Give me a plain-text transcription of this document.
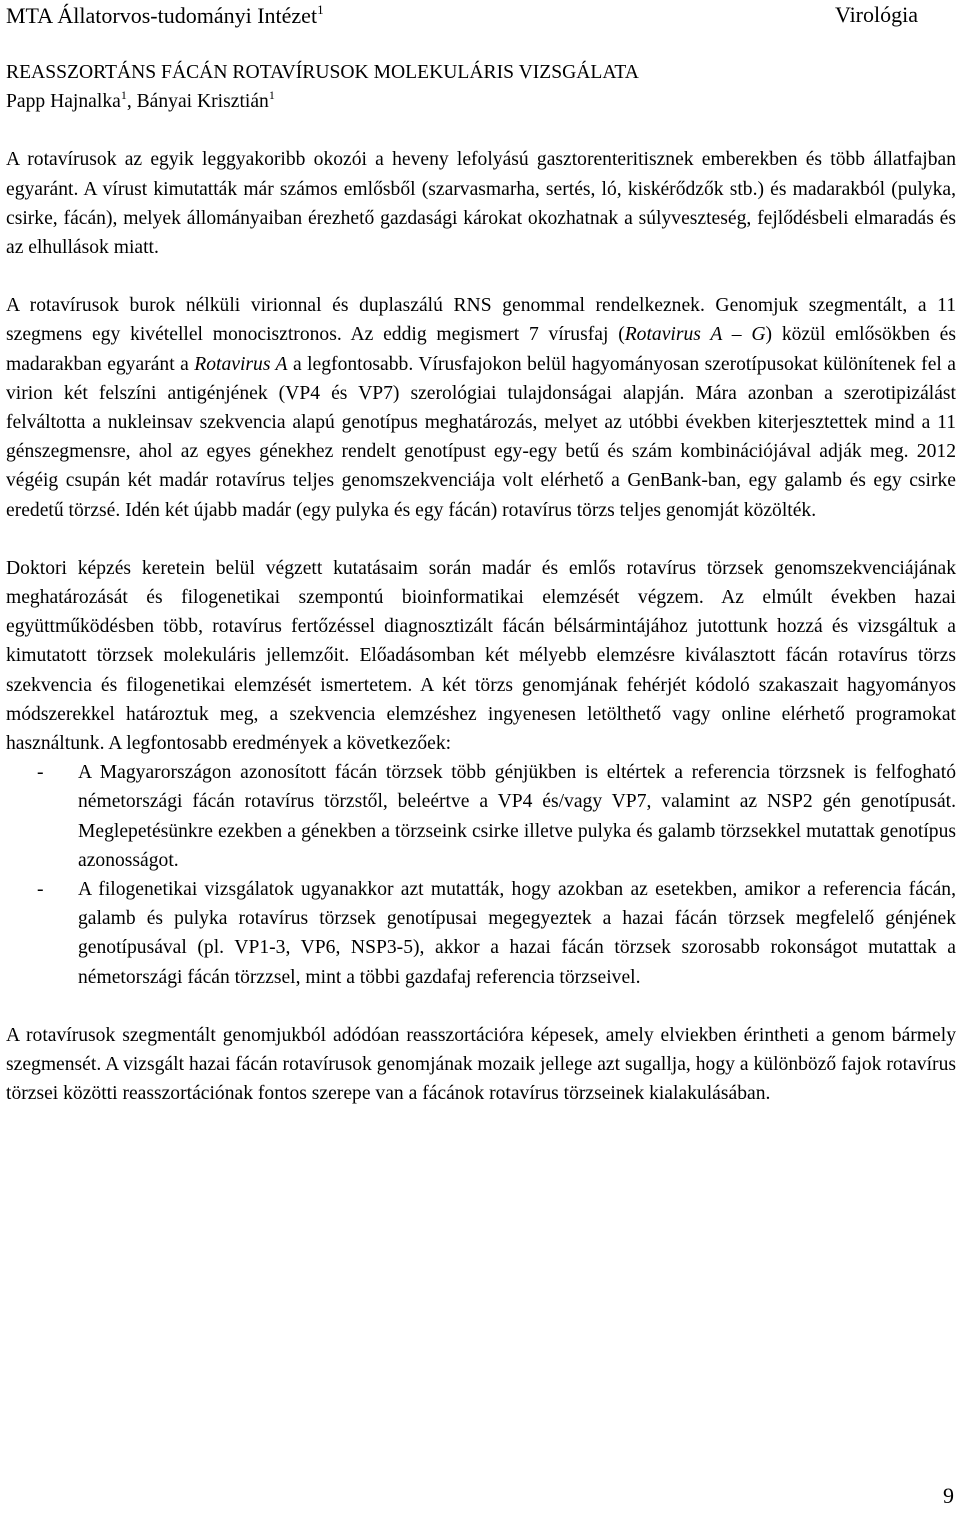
MTA Állatorvos-tudományi Intézet$^1$	Virológia
REASSZORTÁNS FÁCÁN ROTAVÍRUSOK MOLEKULÁRIS VIZSGÁLATA
Papp Hajnalka$^1$, Bányai Krisztián$^1$

A rotavírusok az egyik leggyakoribb okozói a heveny lefolyású gasztorenteritisznek emberekben és több állatfajban egyaránt. A vírust kimutatták már számos emlősből (szarvasmarha, sertés, ló, kiskérődzők stb.) és madarakból (pulyka, csirke, fácán), melyek állományaiban érezhető gazdasági károkat okozhatnak a súlyveszteség, fejlődésbeli elmaradás és az elhullások miatt.

A rotavírusok burok nélküli virionnal és duplaszálú RNS genommal rendelkeznek. Genomjuk szegmentált, a 11 szegmens egy kivétellel monocisztronos. Az eddig megismert 7 vírusfaj (Rotavirus A – G) közül emlősökben és madarakban egyaránt a Rotavirus A a legfontosabb. Vírusfajokon belül hagyományosan szerotípusokat különítenek fel a virion két felszíni antigénjének (VP4 és VP7) szerológiai tulajdonságai alapján. Mára azonban a szerotipizálást felváltotta a nukleinsav szekvencia alapú genotípus meghatározás, melyet az utóbbi években kiterjesztettek mind a 11 génszegmensre, ahol az egyes génekhez rendelt genotípust egy-egy betű és szám kombinációjával adják meg. 2012 végéig csupán két madár rotavírus teljes genomszekvenciája volt elérhető a GenBank-ban, egy galamb és egy csirke eredetű törzsé. Idén két újabb madár (egy pulyka és egy fácán) rotavírus törzs teljes genomját közölték.

Doktori képzés keretein belül végzett kutatásaim során madár és emlős rotavírus törzsek genomszekvenciájának meghatározását és filogenetikai szempontú bioinformatikai elemzését végzem. Az elmúlt években hazai együttműködésben több, rotavírus fertőzéssel diagnosztizált fácán bélsármintájához jutottunk hozzá és vizsgáltuk a kimutatott törzsek molekuláris jellemzőit. Előadásomban két mélyebb elemzésre kiválasztott fácán rotavírus törzs szekvencia és filogenetikai elemzését ismertetem. A két törzs genomjának fehérjét kódoló szakaszait hagyományos módszerekkel határoztuk meg, a szekvencia elemzéshez ingyenesen letölthető vagy online elérhető programokat használtunk. A legfontosabb eredmények a következőek:

- A Magyarországon azonosított fácán törzsek több génjükben is eltértek a referencia törzsnek is felfogható németországi fácán rotavírus törzstől, beleértve a VP4 és/vagy VP7, valamint az NSP2 gén genotípusát. Meglepetésünkre ezekben a génekben a törzseink csirke illetve pulyka és galamb törzsekkel mutattak genotípus azonosságot.
- A filogenetikai vizsgálatok ugyanakkor azt mutatták, hogy azokban az esetekben, amikor a referencia fácán, galamb és pulyka rotavírus törzsek genotípusai megegyeztek a hazai fácán törzsek megfelelő génjének genotípusával (pl. VP1-3, VP6, NSP3-5), akkor a hazai fácán törzsek szorosabb rokonságot mutattak a németországi fácán törzzsel, mint a többi gazdafaj referencia törzseivel.

A rotavírusok szegmentált genomjukból adódóan reasszortációra képesek, amely elviekben érintheti a genom bármely szegmensét. A vizsgált hazai fácán rotavírusok genomjának mozaik jellege azt sugallja, hogy a különböző fajok rotavírus törzsei közötti reasszortációnak fontos szerepe van a fácánok rotavírus törzseinek kialakulásában.

9
